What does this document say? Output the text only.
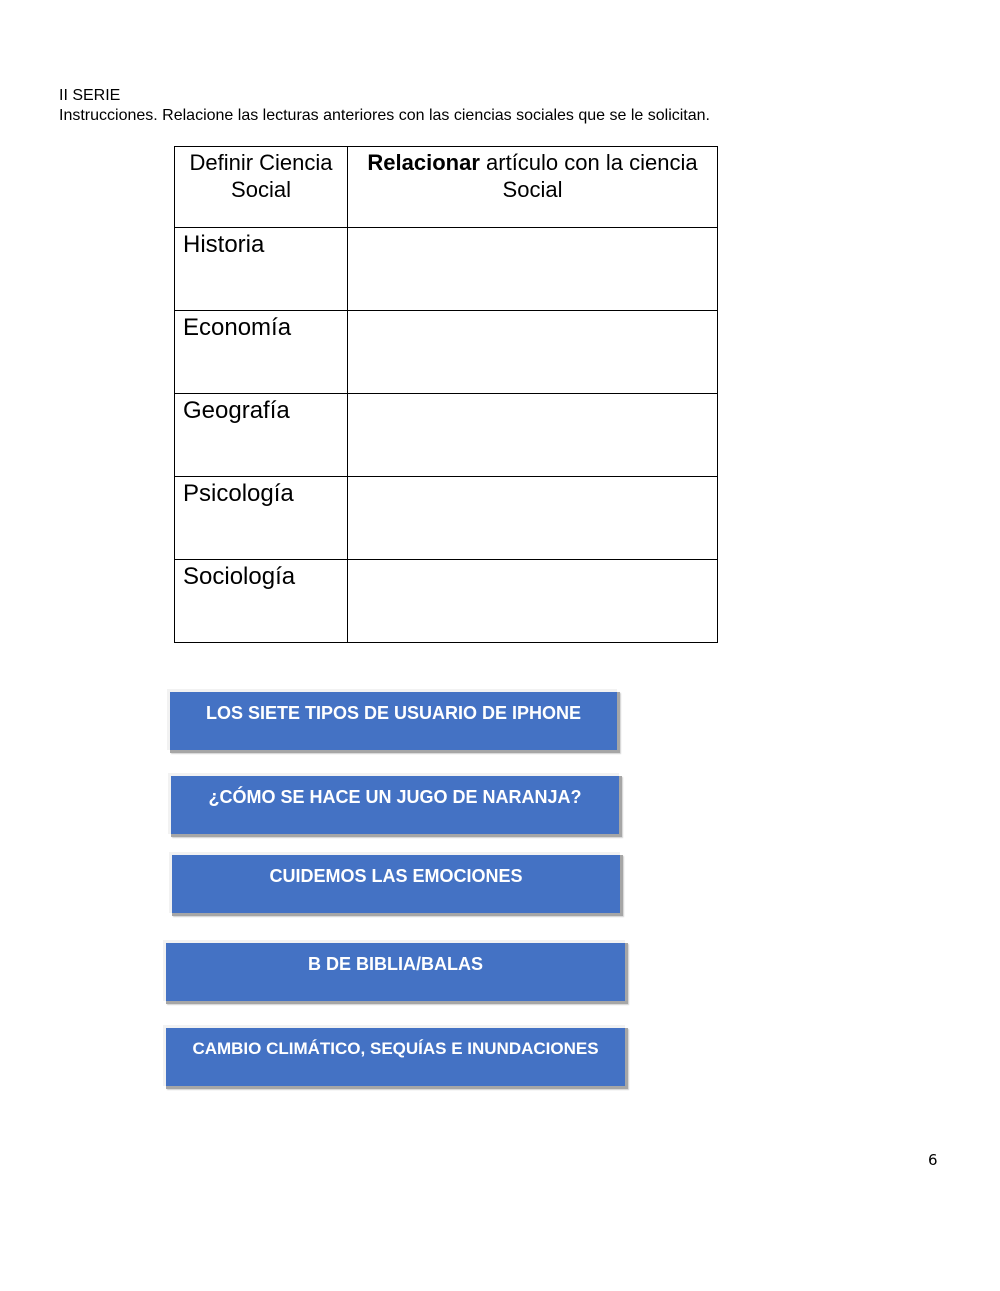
II SERIE
Instrucciones. Relacione las lecturas anteriores con las ciencias sociales que se le solicitan.
Definir Ciencia Social	Relacionar artículo con la ciencia Social
Historia	
Economía	
Geografía	
Psicología	
Sociología	
LOS SIETE TIPOS DE USUARIO DE IPHONE
¿CÓMO SE HACE UN JUGO DE NARANJA?
CUIDEMOS LAS EMOCIONES
B DE BIBLIA/BALAS
CAMBIO CLIMÁTICO, SEQUÍAS E INUNDACIONES
6
